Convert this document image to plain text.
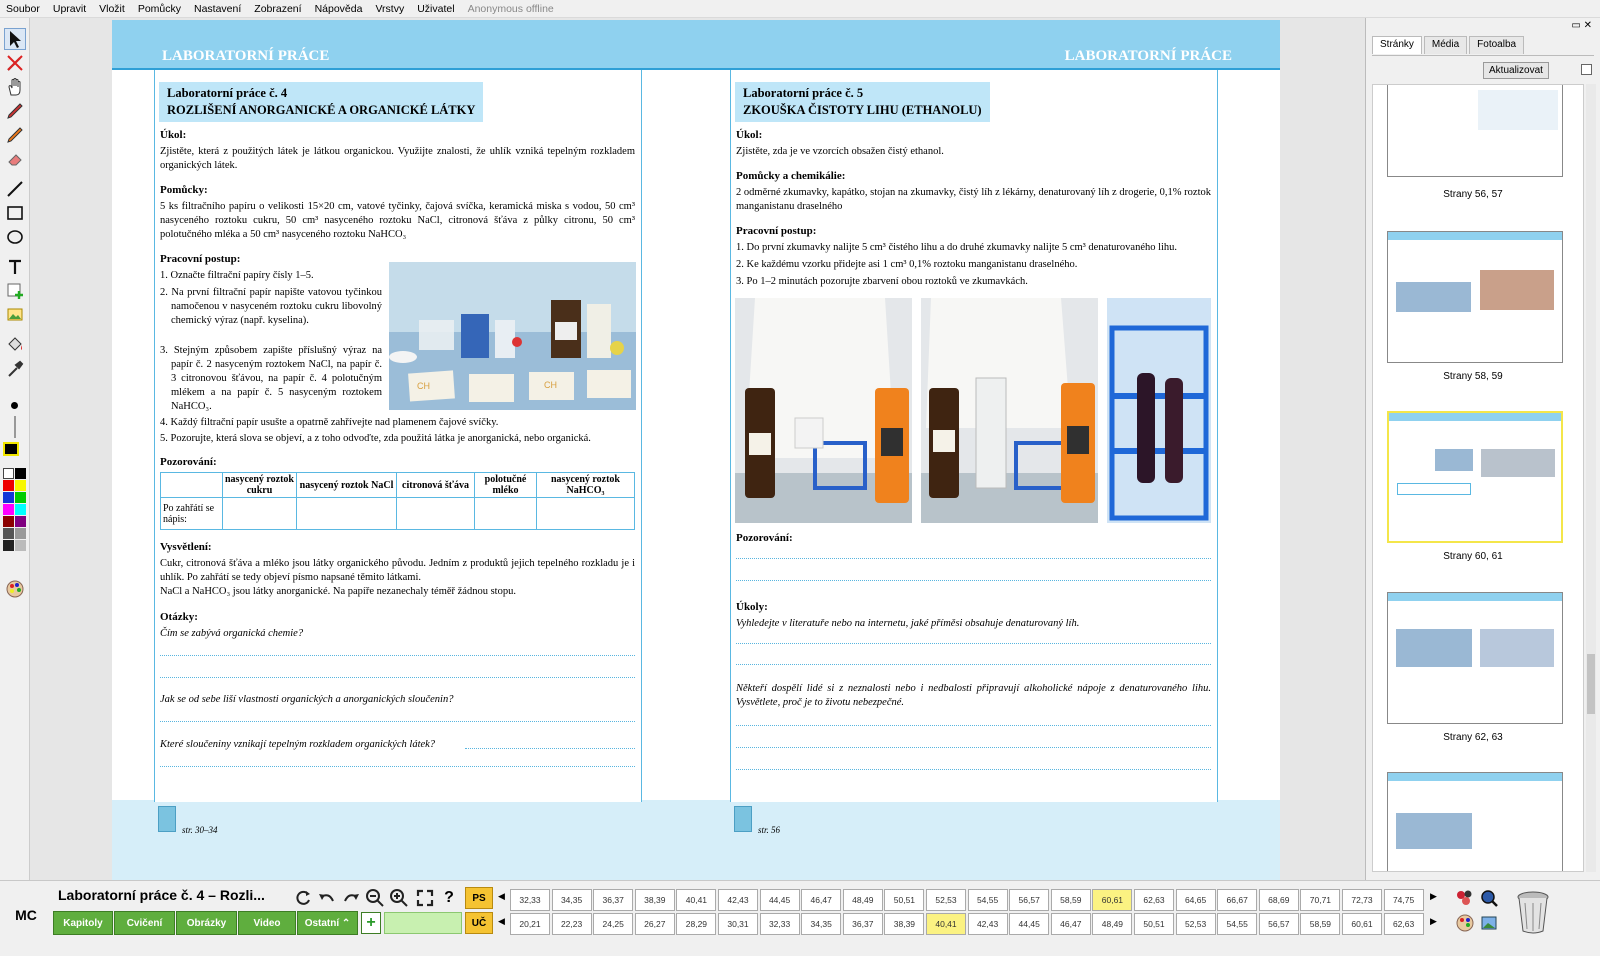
Soubor Upravit Vložit Pomůcky Nastavení Zobrazení Nápověda Vrstvy Uživatel Anonymous offline
LABORATORNÍ PRÁCE	LABORATORNÍ PRÁCE
Laboratorní práce č. 4
ROZLIŠENÍ ANORGANICKÉ A ORGANICKÉ LÁTKY
Úkol:
Zjistěte, která z použitých látek je látkou organickou. Využijte znalosti, že uhlík vzniká tepelným rozkladem organických látek.
Pomůcky:
5 ks filtračního papíru o velikosti 15×20 cm, vatové tyčinky, čajová svíčka, keramická miska s vodou, 50 cm³ nasyceného roztoku cukru, 50 cm³ nasyceného roztoku NaCl, citronová šťáva z půlky citronu, 50 cm³ polotučného mléka a 50 cm³ nasyceného roztoku NaHCO₃
Pracovní postup:
1. Označte filtrační papíry čísly 1–5.
2. Na první filtrační papír napište vatovou tyčinkou namočenou v nasyceném roztoku cukru libovolný chemický výraz (např. kyselina).
3. Stejným způsobem zapište příslušný výraz na papír č. 2 nasyceným roztokem NaCl, na papír č. 3 citronovou šťávou, na papír č. 4 polotučným mlékem a na papír č. 5 nasyceným roztokem NaHCO₃.
4. Každý filtrační papír usušte a opatrně zahřívejte nad plamenem čajové svíčky.
5. Pozorujte, která slova se objeví, a z toho odvoďte, zda použitá látka je anorganická, nebo organická.
CH	CH
Pozorování:
	nasycený roztok cukru	nasycený roztok NaCl	citronová šťáva	polotučné mléko	nasycený roztok NaHCO₃
Po zahřátí se nápis:					
Vysvětlení:
Cukr, citronová šťáva a mléko jsou látky organického původu. Jedním z produktů jejich tepelného rozkladu je i uhlík. Po zahřátí se tedy objeví písmo napsané těmito látkami.
NaCl a NaHCO₃ jsou látky anorganické. Na papíře nezanechaly téměř žádnou stopu.
Otázky:
Čím se zabývá organická chemie?
Jak se od sebe liší vlastnosti organických a anorganických sloučenin?
Které sloučeniny vznikají tepelným rozkladem organických látek?
Laboratorní práce č. 5
ZKOUŠKA ČISTOTY LIHU (ETHANOLU)
Úkol:
Zjistěte, zda je ve vzorcích obsažen čistý ethanol.
Pomůcky a chemikálie:
2 odměrné zkumavky, kapátko, stojan na zkumavky, čistý líh z lékárny, denaturovaný líh z drogerie, 0,1% roztok manganistanu draselného
Pracovní postup:
1. Do první zkumavky nalijte 5 cm³ čistého lihu a do druhé zkumavky nalijte 5 cm³ denaturovaného lihu.
2. Ke každému vzorku přidejte asi 1 cm³ 0,1% roztoku manganistanu draselného.
3. Po 1–2 minutách pozorujte zbarvení obou roztoků ve zkumavkách.
Pozorování:
Úkoly:
Vyhledejte v literatuře nebo na internetu, jaké příměsi obsahuje denaturovaný líh.
Někteří dospělí lidé si z neznalosti nebo i nedbalosti připravují alkoholické nápoje z denaturovaného lihu. Vysvětlete, proč je to životu nebezpečné.
str. 30–34	str. 56
▭ ✕
Stránky	Média	Fotoalba
Aktualizovat
Strany 56, 57
Strany 58, 59
Strany 60, 61
Strany 62, 63
MC
Laboratorní práce č. 4 – Rozli...	?	PS
UČ
Kapitoly	Cvičení	Obrázky	Video	Ostatní ⌃	+
◀
◀
32,33	34,35	36,37	38,39	40,41	42,43	44,45	46,47	48,49	50,51	52,53	54,55	56,57	58,59	60,61	62,63	64,65	66,67	68,69	70,71	72,73	74,75
20,21	22,23	24,25	26,27	28,29	30,31	32,33	34,35	36,37	38,39	40,41	42,43	44,45	46,47	48,49	50,51	52,53	54,55	56,57	58,59	60,61	62,63
▶
▶
